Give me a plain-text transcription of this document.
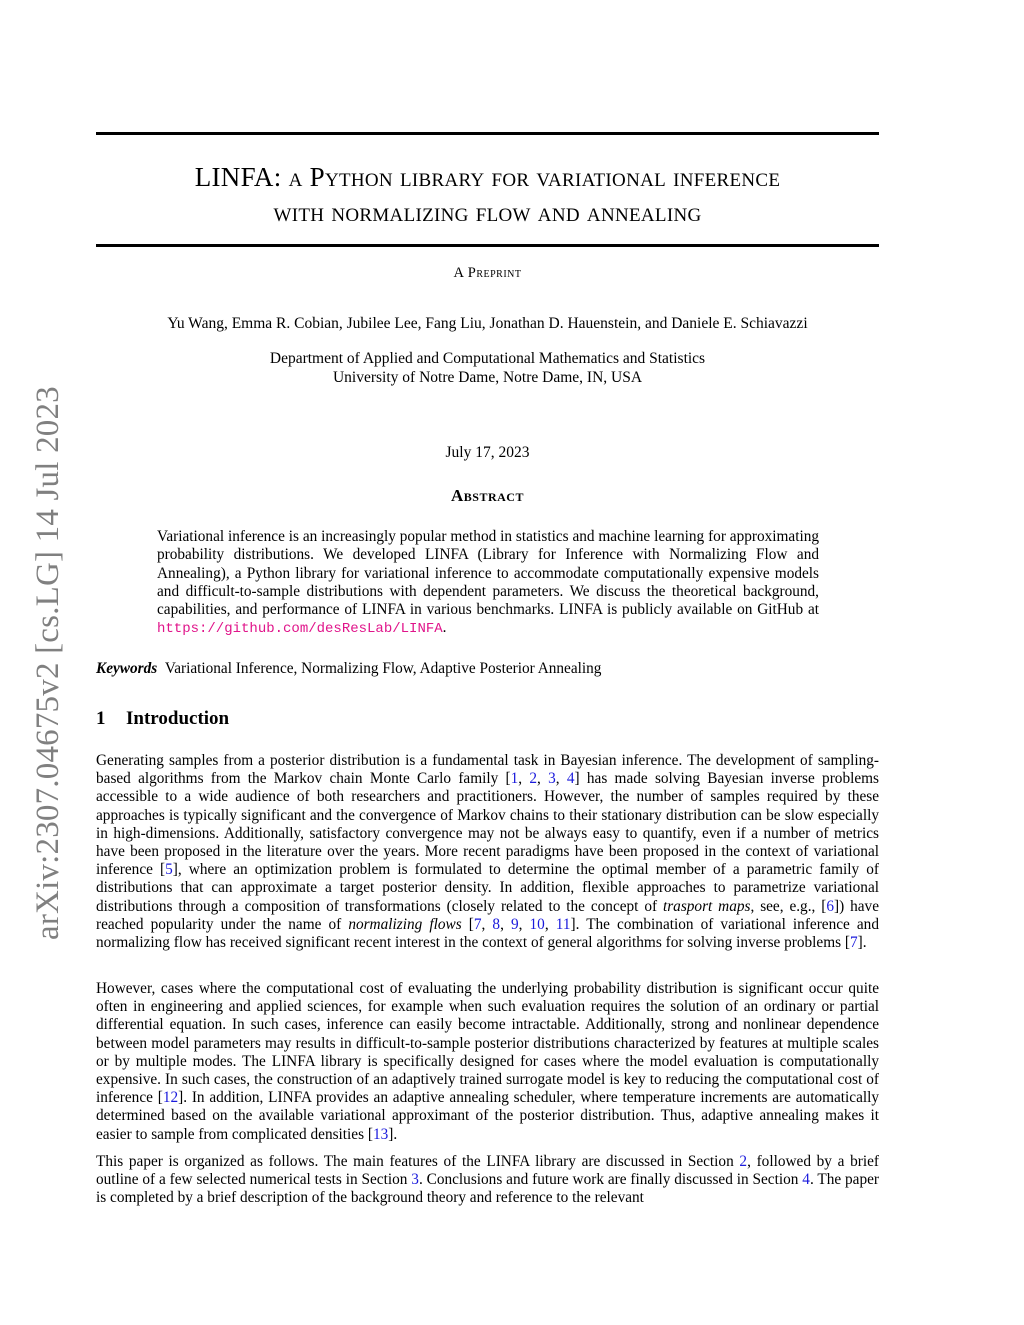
arXiv:2307.04675v2 [cs.LG] 14 Jul 2023
LINFA: a Python library for variational inference
with normalizing flow and annealing
A Preprint
Yu Wang, Emma R. Cobian, Jubilee Lee, Fang Liu, Jonathan D. Hauenstein, and Daniele E. Schiavazzi
Department of Applied and Computational Mathematics and Statistics
University of Notre Dame, Notre Dame, IN, USA
July 17, 2023
Abstract
Variational inference is an increasingly popular method in statistics and machine learning for approximating probability distributions. We developed LINFA (Library for Inference with Normalizing Flow and Annealing), a Python library for variational inference to accommodate computationally expensive models and difficult-to-sample distributions with dependent parameters. We discuss the theoretical background, capabilities, and performance of LINFA in various benchmarks. LINFA is publicly available on GitHub at https://github.com/desResLab/LINFA.
Keywords Variational Inference, Normalizing Flow, Adaptive Posterior Annealing
1 Introduction
Generating samples from a posterior distribution is a fundamental task in Bayesian inference. The development of sampling-based algorithms from the Markov chain Monte Carlo family [1, 2, 3, 4] has made solving Bayesian inverse problems accessible to a wide audience of both researchers and practitioners. However, the number of samples required by these approaches is typically significant and the convergence of Markov chains to their stationary distribution can be slow especially in high-dimensions. Additionally, satisfactory convergence may not be always easy to quantify, even if a number of metrics have been proposed in the literature over the years. More recent paradigms have been proposed in the context of variational inference [5], where an optimization problem is formulated to determine the optimal member of a parametric family of distributions that can approximate a target posterior density. In addition, flexible approaches to parametrize variational distributions through a composition of transformations (closely related to the concept of trasport maps, see, e.g., [6]) have reached popularity under the name of normalizing flows [7, 8, 9, 10, 11]. The combination of variational inference and normalizing flow has received significant recent interest in the context of general algorithms for solving inverse problems [7].
However, cases where the computational cost of evaluating the underlying probability distribution is significant occur quite often in engineering and applied sciences, for example when such evaluation requires the solution of an ordinary or partial differential equation. In such cases, inference can easily become intractable. Additionally, strong and nonlinear dependence between model parameters may results in difficult-to-sample posterior distributions characterized by features at multiple scales or by multiple modes. The LINFA library is specifically designed for cases where the model evaluation is computationally expensive. In such cases, the construction of an adaptively trained surrogate model is key to reducing the computational cost of inference [12]. In addition, LINFA provides an adaptive annealing scheduler, where temperature increments are automatically determined based on the available variational approximant of the posterior distribution. Thus, adaptive annealing makes it easier to sample from complicated densities [13].
This paper is organized as follows. The main features of the LINFA library are discussed in Section 2, followed by a brief outline of a few selected numerical tests in Section 3. Conclusions and future work are finally discussed in Section 4. The paper is completed by a brief description of the background theory and reference to the relevant
